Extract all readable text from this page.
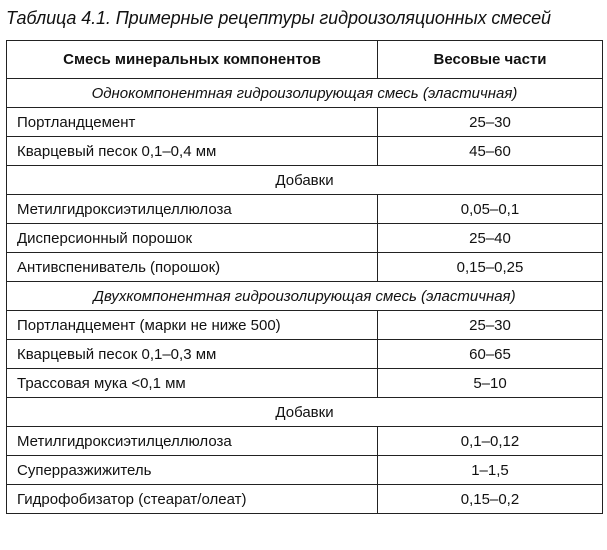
Таблица 4.1. Примерные рецептуры гидроизоляционных смесей
Смесь минеральных компонентов	Весовые части
Однокомпонентная гидроизолирующая смесь (эластичная)	
Портландцемент	25–30
Кварцевый песок 0,1–0,4 мм	45–60
Добавки	
Метилгидроксиэтилцеллюлоза	0,05–0,1
Дисперсионный порошок	25–40
Антивспениватель (порошок)	0,15–0,25
Двухкомпонентная гидроизолирующая смесь (эластичная)	
Портландцемент (марки не ниже 500)	25–30
Кварцевый песок 0,1–0,3 мм	60–65
Трассовая мука <0,1 мм	5–10
Добавки	
Метилгидроксиэтилцеллюлоза	0,1–0,12
Суперразжижитель	1–1,5
Гидрофобизатор (стеарат/олеат)	0,15–0,2
